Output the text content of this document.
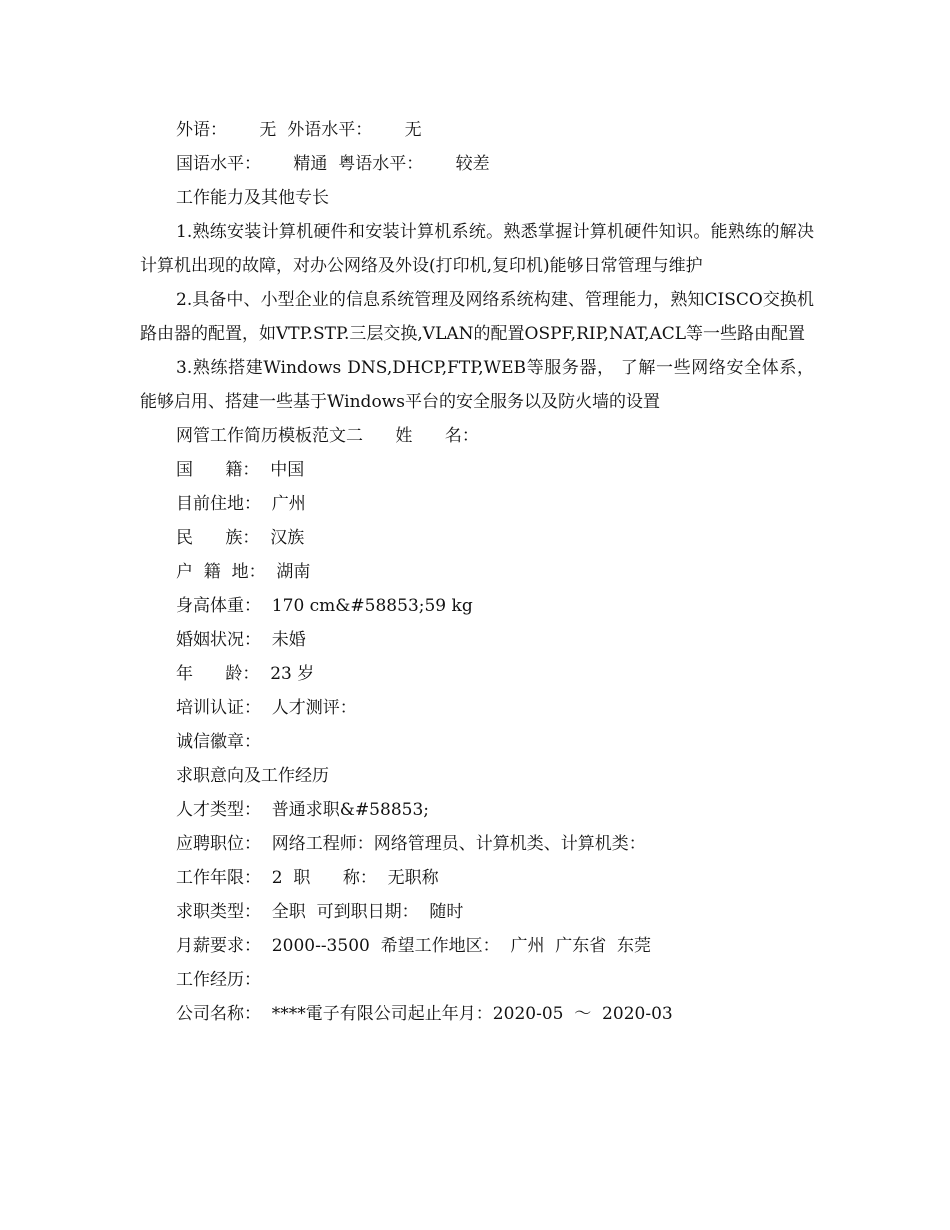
外语：      无  外语水平：      无
国语水平：      精通  粤语水平：      较差
工作能力及其他专长
1.熟练安装计算机硬件和安装计算机系统。熟悉掌握计算机硬件知识。能熟练的解决计算机出现的故障，对办公网络及外设(打印机,复印机)能够日常管理与维护
2.具备中、小型企业的信息系统管理及网络系统构建、管理能力，熟知CISCO交换机路由器的配置，如VTP.STP.三层交换,VLAN的配置OSPF,RIP,NAT,ACL等一些路由配置
3.熟练搭建Windows DNS,DHCP,FTP,WEB等服务器， 了解一些网络安全体系，能够启用、搭建一些基于Windows平台的安全服务以及防火墙的设置
网管工作简历模板范文二      姓      名：
国      籍：  中国
目前住地：  广州
民      族：  汉族
户  籍  地：  湖南
身高体重：  170 cm&#58853;59 kg
婚姻状况：  未婚
年      龄：  23 岁
培训认证：  人才测评：
诚信徽章：
求职意向及工作经历
人才类型：  普通求职&#58853;
应聘职位：  网络工程师：网络管理员、计算机类、计算机类：
工作年限：  2  职      称：  无职称
求职类型：  全职  可到职日期：  随时
月薪要求：  2000--3500  希望工作地区：  广州  广东省  东莞
工作经历：
公司名称：  ****電子有限公司起止年月：2020-05  ～  2020-03
